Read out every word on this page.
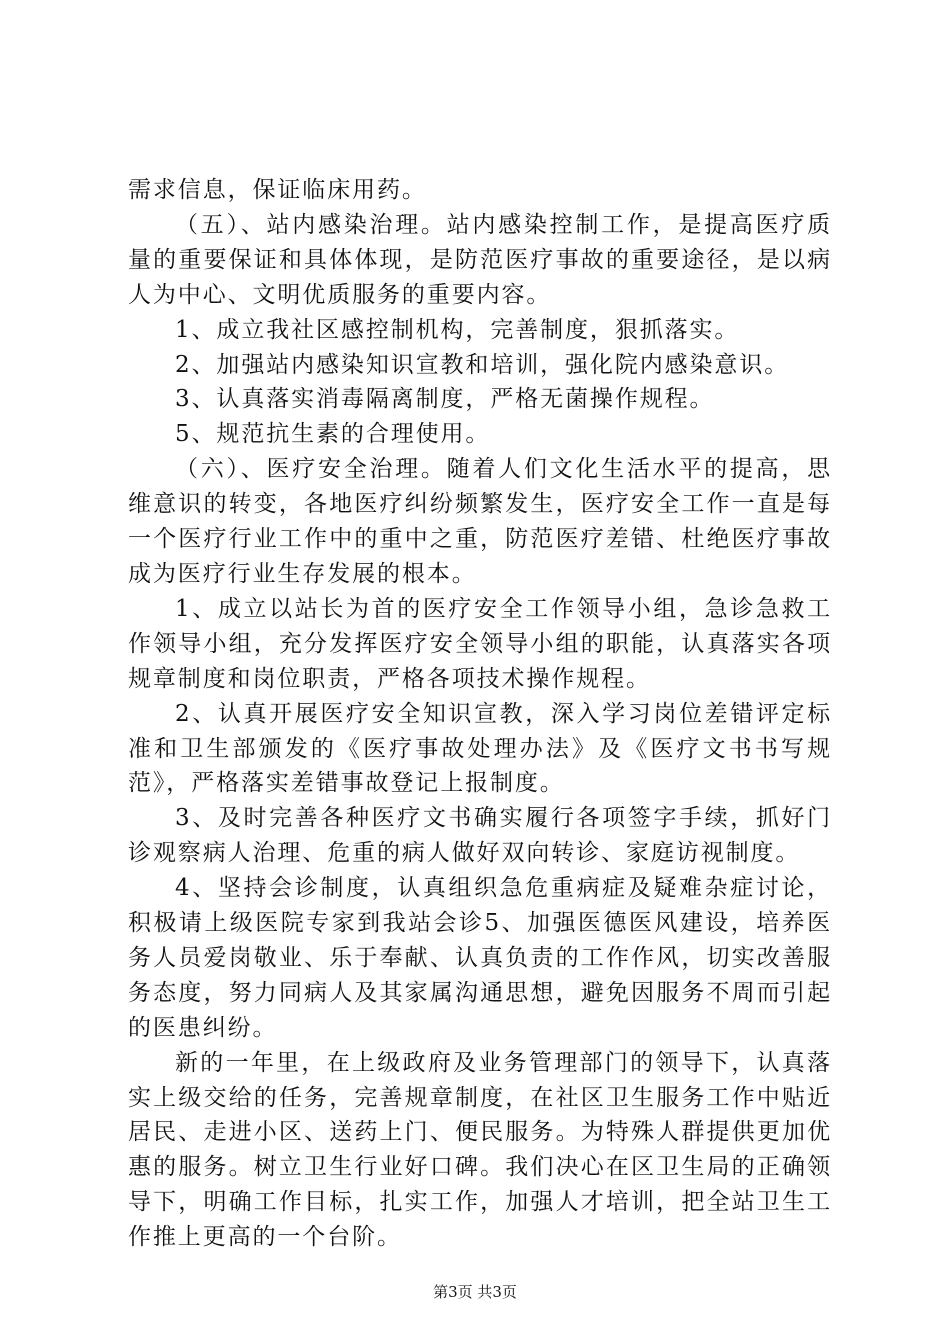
需求信息，保证临床用药。

（五）、站内感染治理。站内感染控制工作，是提高医疗质量的重要保证和具体体现，是防范医疗事故的重要途径，是以病人为中心、文明优质服务的重要内容。

1、成立我社区感控制机构，完善制度，狠抓落实。

2、加强站内感染知识宣教和培训，强化院内感染意识。

3、认真落实消毒隔离制度，严格无菌操作规程。

5、规范抗生素的合理使用。

（六）、医疗安全治理。随着人们文化生活水平的提高，思维意识的转变，各地医疗纠纷频繁发生，医疗安全工作一直是每一个医疗行业工作中的重中之重，防范医疗差错、杜绝医疗事故成为医疗行业生存发展的根本。

1、成立以站长为首的医疗安全工作领导小组，急诊急救工作领导小组，充分发挥医疗安全领导小组的职能，认真落实各项规章制度和岗位职责，严格各项技术操作规程。

2、认真开展医疗安全知识宣教，深入学习岗位差错评定标准和卫生部颁发的《医疗事故处理办法》及《医疗文书书写规范》，严格落实差错事故登记上报制度。

3、及时完善各种医疗文书确实履行各项签字手续，抓好门诊观察病人治理、危重的病人做好双向转诊、家庭访视制度。

4、坚持会诊制度，认真组织急危重病症及疑难杂症讨论，积极请上级医院专家到我站会诊5、加强医德医风建设，培养医务人员爱岗敬业、乐于奉献、认真负责的工作作风，切实改善服务态度，努力同病人及其家属沟通思想，避免因服务不周而引起的医患纠纷。

新的一年里，在上级政府及业务管理部门的领导下，认真落实上级交给的任务，完善规章制度，在社区卫生服务工作中贴近居民、走进小区、送药上门、便民服务。为特殊人群提供更加优惠的服务。树立卫生行业好口碑。我们决心在区卫生局的正确领导下，明确工作目标，扎实工作，加强人才培训，把全站卫生工作推上更高的一个台阶。

第3页 共3页
